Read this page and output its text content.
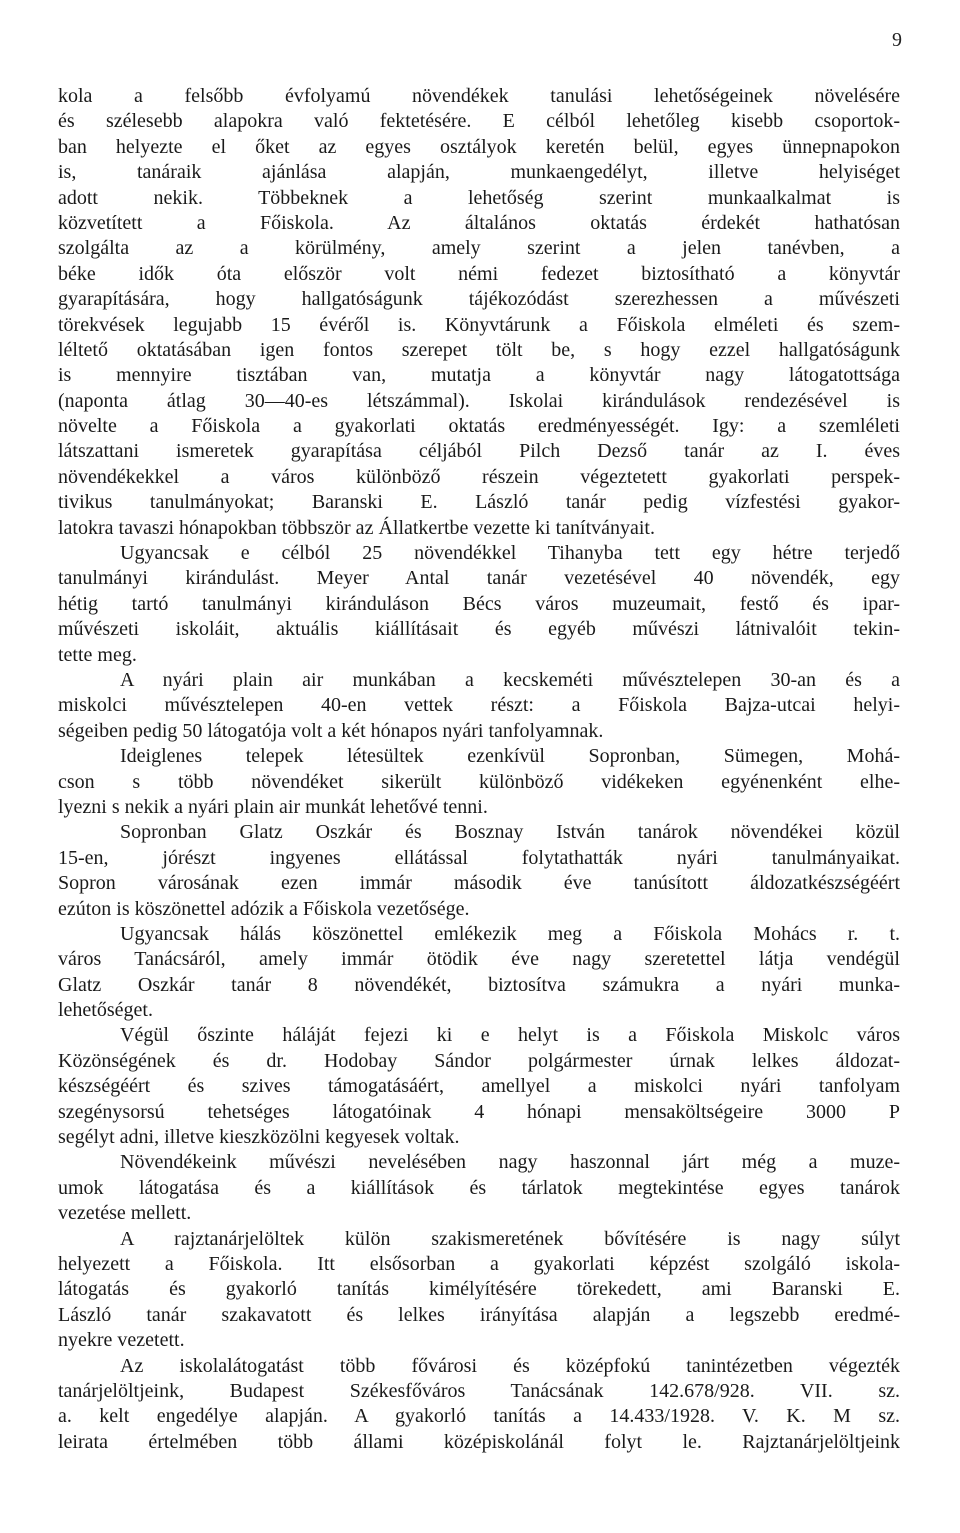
9
kola a felsőbb évfolyamú növendékek tanulási lehetőségeinek növelésére
és szélesebb alapokra való fektetésére. E célból lehetőleg kisebb csoportok-
ban helyezte el őket az egyes osztályok keretén belül, egyes ünnepnapokon
is, tanáraik ajánlása alapján, munkaengedélyt, illetve helyiséget
adott nekik. Többeknek a lehetőség szerint munkaalkalmat is
közvetített a Főiskola. Az általános oktatás érdekét hathatósan
szolgálta az a körülmény, amely szerint a jelen tanévben, a
béke idők óta először volt némi fedezet biztosítható a könyvtár
gyarapítására, hogy hallgatóságunk tájékozódást szerezhessen a művészeti
törekvések legujabb 15 évéről is. Könyvtárunk a Főiskola elméleti és szem-
léltető oktatásában igen fontos szerepet tölt be, s hogy ezzel hallgatóságunk
is mennyire tisztában van, mutatja a könyvtár nagy látogatottsága
(naponta átlag 30—40-es létszámmal). Iskolai kirándulások rendezésével is
növelte a Főiskola a gyakorlati oktatás eredményességét. Igy: a szemléleti
látszattani ismeretek gyarapítása céljából Pilch Dezső tanár az I. éves
növendékekkel a város különböző részein végeztetett gyakorlati perspek-
tivikus tanulmányokat; Baranski E. László tanár pedig vízfestési gyakor-
latokra tavaszi hónapokban többször az Állatkertbe vezette ki tanítványait.
Ugyancsak e célból 25 növendékkel Tihanyba tett egy hétre terjedő
tanulmányi kirándulást. Meyer Antal tanár vezetésével 40 növendék, egy
hétig tartó tanulmányi kiránduláson Bécs város muzeumait, festő és ipar-
művészeti iskoláit, aktuális kiállításait és egyéb művészi látnivalóit tekin-
tette meg.
A nyári plain air munkában a kecskeméti művésztelepen 30-an és a
miskolci művésztelepen 40-en vettek részt: a Főiskola Bajza-utcai helyi-
ségeiben pedig 50 látogatója volt a két hónapos nyári tanfolyamnak.
Ideiglenes telepek létesültek ezenkívül Sopronban, Sümegen, Mohá-
cson s több növendéket sikerült különböző vidékeken egyénenként elhe-
lyezni s nekik a nyári plain air munkát lehetővé tenni.
Sopronban Glatz Oszkár és Bosznay István tanárok növendékei közül
15-en, jórészt ingyenes ellátással folytathatták nyári tanulmányaikat.
Sopron városának ezen immár második éve tanúsított áldozatkészségéért
ezúton is köszönettel adózik a Főiskola vezetősége.
Ugyancsak hálás köszönettel emlékezik meg a Főiskola Mohács r. t.
város Tanácsáról, amely immár ötödik éve nagy szeretettel látja vendégül
Glatz Oszkár tanár 8 növendékét, biztosítva számukra a nyári munka-
lehetőséget.
Végül őszinte háláját fejezi ki e helyt is a Főiskola Miskolc város
Közönségének és dr. Hodobay Sándor polgármester úrnak lelkes áldozat-
készségéért és szives támogatásáért, amellyel a miskolci nyári tanfolyam
szegénysorsú tehetséges látogatóinak 4 hónapi mensaköltségeire 3000 P
segélyt adni, illetve kieszközölni kegyesek voltak.
Növendékeink művészi nevelésében nagy haszonnal járt még a muze-
umok látogatása és a kiállítások és tárlatok megtekintése egyes tanárok
vezetése mellett.
A rajztanárjelöltek külön szakismeretének bővítésére is nagy súlyt
helyezett a Főiskola. Itt elsősorban a gyakorlati képzést szolgáló iskola-
látogatás és gyakorló tanítás kimélyítésére törekedett, ami Baranski E.
László tanár szakavatott és lelkes irányítása alapján a legszebb eredmé-
nyekre vezetett.
Az iskolalátogatást több fővárosi és középfokú tanintézetben végezték
tanárjelöltjeink, Budapest Székesfőváros Tanácsának 142.678/928. VII. sz.
a. kelt engedélye alapján. A gyakorló tanítás a 14.433/1928. V. K. M sz.
leirata értelmében több állami középiskolánál folyt le. Rajztanárjelöltjeink
